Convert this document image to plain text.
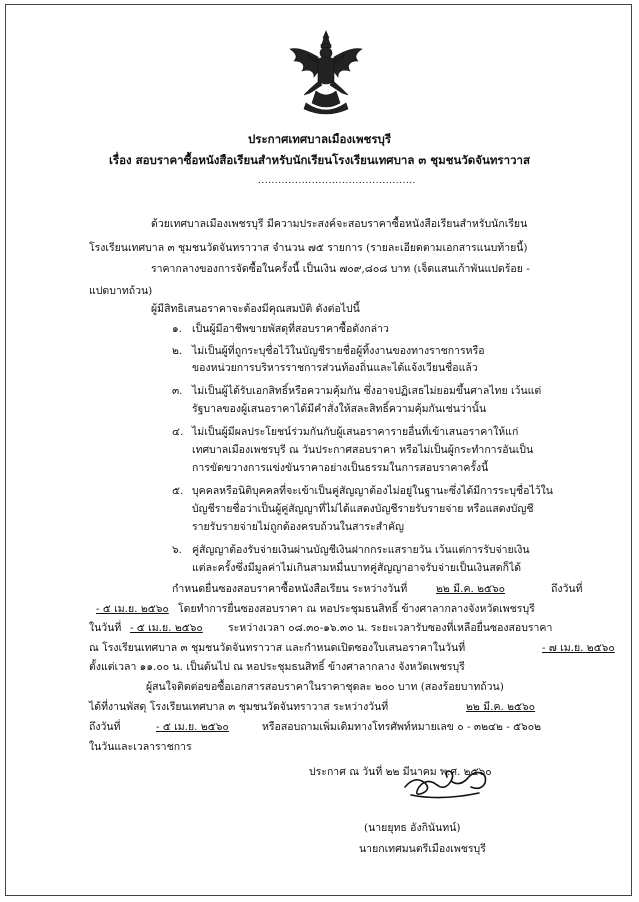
ประกาศเทศบาลเมืองเพชรบุรี
เรื่อง สอบราคาซื้อหนังสือเรียนสำหรับนักเรียนโรงเรียนเทศบาล ๓ ชุมชนวัดจันทราวาส
...............................................
ด้วยเทศบาลเมืองเพชรบุรี มีความประสงค์จะสอบราคาซื้อหนังสือเรียนสำหรับนักเรียน
โรงเรียนเทศบาล ๓ ชุมชนวัดจันทราวาส จำนวน ๗๕ รายการ (รายละเอียดตามเอกสารแนบท้ายนี้)
ราคากลางของการจัดซื้อในครั้งนี้ เป็นเงิน ๗๐๙,๘๐๘ บาท (เจ็ดแสนเก้าพันแปดร้อย -
แปดบาทถ้วน)
ผู้มีสิทธิเสนอราคาจะต้องมีคุณสมบัติ ดังต่อไปนี้
๑. เป็นผู้มีอาชีพขายพัสดุที่สอบราคาซื้อดังกล่าว
๒. ไม่เป็นผู้ที่ถูกระบุชื่อไว้ในบัญชีรายชื่อผู้ทิ้งงานของทางราชการหรือ
ของหน่วยการบริหารราชการส่วนท้องถิ่นและได้แจ้งเวียนชื่อแล้ว
๓. ไม่เป็นผู้ได้รับเอกสิทธิ์หรือความคุ้มกัน ซึ่งอาจปฏิเสธไม่ยอมขึ้นศาลไทย เว้นแต่
รัฐบาลของผู้เสนอราคาได้มีคำสั่งให้สละสิทธิ์ความคุ้มกันเช่นว่านั้น
๔. ไม่เป็นผู้มีผลประโยชน์ร่วมกันกับผู้เสนอราคารายอื่นที่เข้าเสนอราคาให้แก่
เทศบาลเมืองเพชรบุรี ณ วันประกาศสอบราคา หรือไม่เป็นผู้กระทำการอันเป็น
การขัดขวางการแข่งขันราคาอย่างเป็นธรรมในการสอบราคาครั้งนี้
๕. บุคคลหรือนิติบุคคลที่จะเข้าเป็นคู่สัญญาต้องไม่อยู่ในฐานะซึ่งได้มีการระบุชื่อไว้ใน
บัญชีรายชื่อว่าเป็นผู้คู่สัญญาที่ไม่ได้แสดงบัญชีรายรับรายจ่าย หรือแสดงบัญชี
รายรับรายจ่ายไม่ถูกต้องครบถ้วนในสาระสำคัญ
๖. คู่สัญญาต้องรับจ่ายเงินผ่านบัญชีเงินฝากกระแสรายวัน เว้นแต่การรับจ่ายเงิน
แต่ละครั้งซึ่งมีมูลค่าไม่เกินสามหมื่นบาทคู่สัญญาอาจรับจ่ายเป็นเงินสดก็ได้
กำหนดยื่นซองสอบราคาซื้อหนังสือเรียน ระหว่างวันที่	๒๒ มี.ค. ๒๕๖๐	ถึงวันที่
- ๕ เม.ย. ๒๕๖๐ โดยทำการยื่นซองสอบราคา ณ หอประชุมธนสิทธิ์ ข้างศาลากลางจังหวัดเพชรบุรี
ในวันที่ - ๕ เม.ย. ๒๕๖๐ ระหว่างเวลา ๐๘.๓๐-๑๖.๓๐ น. ระยะเวลารับซองที่เหลือยื่นซองสอบราคา
ณ โรงเรียนเทศบาล ๓ ชุมชนวัดจันทราวาส และกำหนดเปิดซองใบเสนอราคาในวันที่	- ๗ เม.ย. ๒๕๖๐
ตั้งแต่เวลา ๑๑.๐๐ น. เป็นต้นไป ณ หอประชุมธนสิทธิ์ ข้างศาลากลาง จังหวัดเพชรบุรี
ผู้สนใจติดต่อขอซื้อเอกสารสอบราคาในราคาชุดละ ๒๐๐ บาท (สองร้อยบาทถ้วน)
ได้ที่งานพัสดุ โรงเรียนเทศบาล ๓ ชุมชนวัดจันทราวาส ระหว่างวันที่	๒๒ มี.ค. ๒๕๖๐
ถึงวันที่	- ๕ เม.ย. ๒๕๖๐	หรือสอบถามเพิ่มเติมทางโทรศัพท์หมายเลข ๐ - ๓๒๔๒ - ๕๖๐๒
ในวันและเวลาราชการ
ประกาศ ณ วันที่ ๒๒ มีนาคม พ.ศ. ๒๕๖๐
(นายยุทธ อังกินันทน์)
นายกเทศมนตรีเมืองเพชรบุรี
